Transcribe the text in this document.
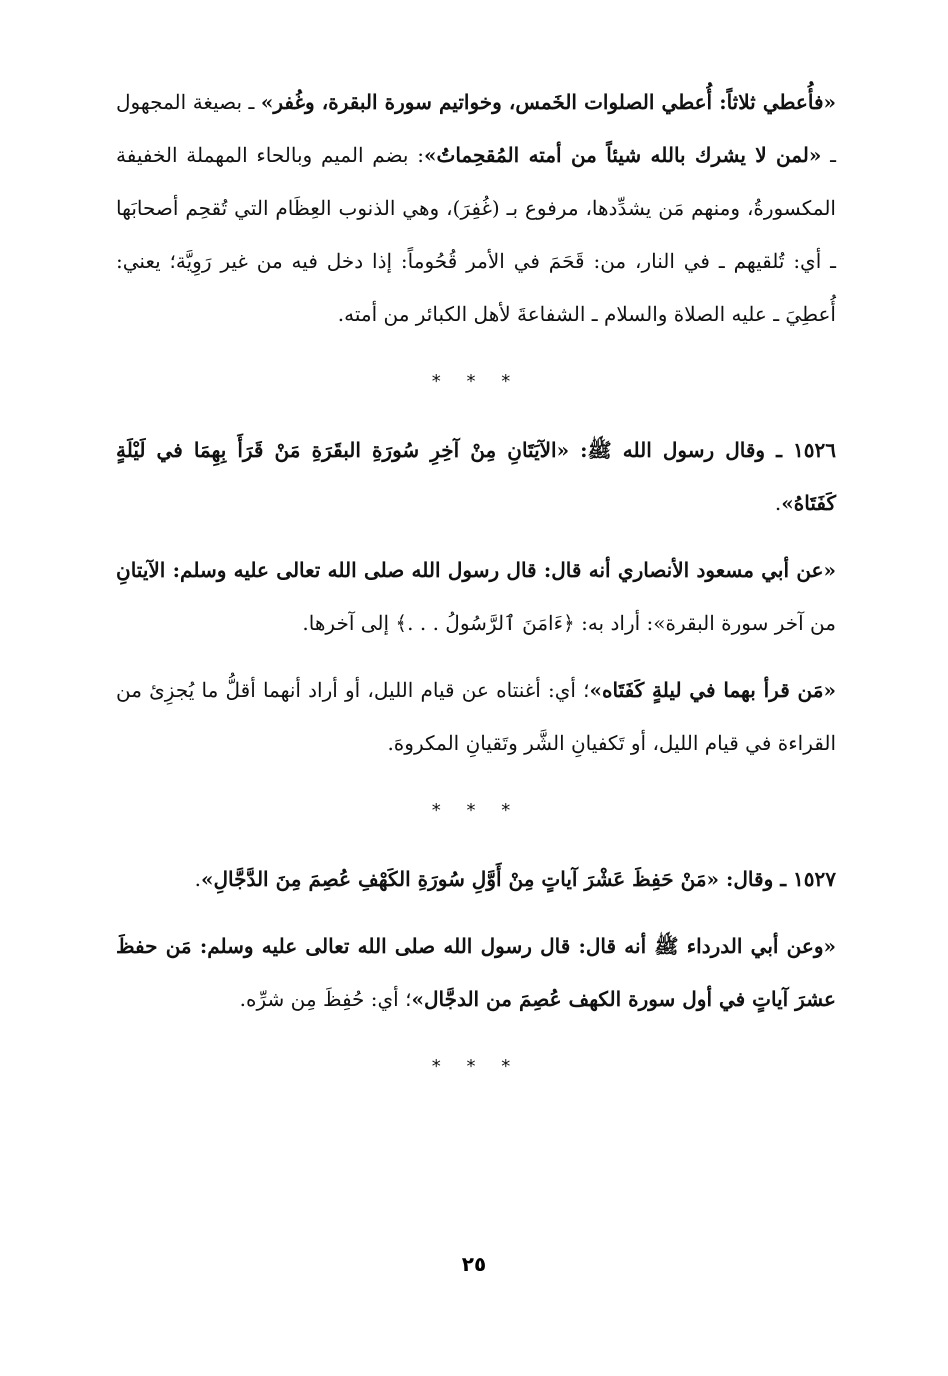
«فأُعطي ثلاثاً: أُعطي الصلوات الخَمس، وخواتيم سورة البقرة، وغُفر» ـ بصيغة المجهول ـ «لمن لا يشرك بالله شيئاً من أمته المُقحِماتُ»: بضم الميم وبالحاء المهملة الخفيفة المكسورةُ، ومنهم مَن يشدِّدها، مرفوع بـ (غُفِرَ)، وهي الذنوب العِظَام التي تُقحِم أصحابَها ـ أي: تُلقيهم ـ في النار، من: قَحَمَ في الأمر قُحُوماً: إذا دخل فيه من غير رَوِيَّة؛ يعني: أُعطِيَ ـ عليه الصلاة والسلام ـ الشفاعةَ لأهل الكبائر من أمته.

* * *

١٥٢٦ ـ وقال رسول الله ﷺ: «الآيَتَانِ مِنْ آخِرِ سُورَةِ البقَرَةِ مَنْ قَرَأَ بِهِمَا في لَيْلَةٍ كَفَتَاهُ».

«عن أبي مسعود الأنصاري أنه قال: قال رسول الله صلى الله تعالى عليه وسلم: الآيتانِ من آخر سورة البقرة»: أراد به: ﴿ءَامَنَ ٱلرَّسُولُ . . .﴾ إلى آخرها.

«مَن قرأ بهما في ليلةٍ كَفَتَاه»؛ أي: أغنتاه عن قيام الليل، أو أراد أنهما أقلُّ ما يُجزِئ من القراءة في قيام الليل، أو تَكفيانِ الشَّر وتَقيانِ المكروهَ.

* * *

١٥٢٧ ـ وقال: «مَنْ حَفِظَ عَشْرَ آياتٍ مِنْ أَوَّلِ سُورَةِ الكَهْفِ عُصِمَ مِنَ الدَّجَّالِ».

«وعن أبي الدرداء ﷺ أنه قال: قال رسول الله صلى الله تعالى عليه وسلم: مَن حفظَ عشرَ آياتٍ في أول سورة الكهف عُصِمَ من الدجَّال»؛ أي: حُفِظَ مِن شرِّه.

* * *
٢٥
